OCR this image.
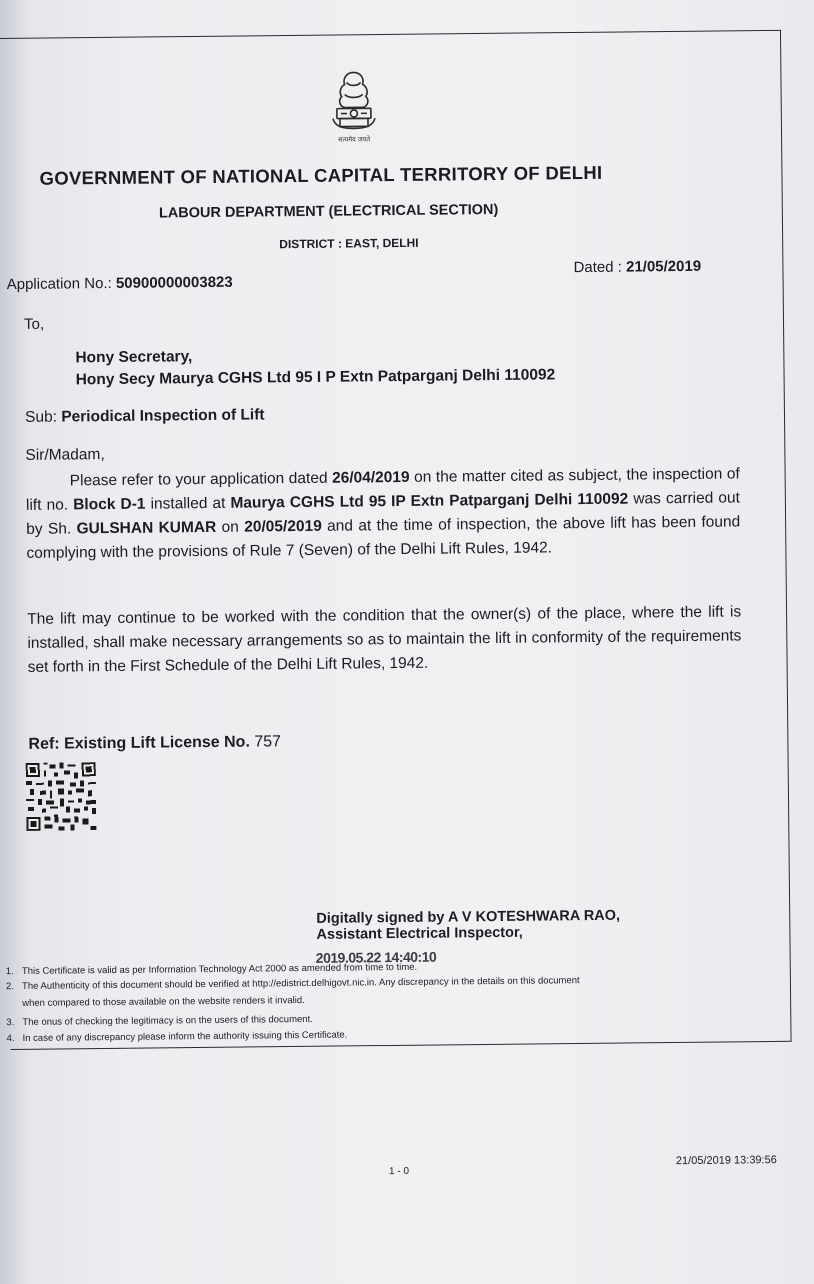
सत्यमेव जयते
GOVERNMENT OF NATIONAL CAPITAL TERRITORY OF DELHI
LABOUR DEPARTMENT (ELECTRICAL SECTION)
DISTRICT : EAST, DELHI
Application No.: 50900000003823
Dated : 21/05/2019
To,
Hony Secretary,
Hony Secy Maurya CGHS Ltd 95 I P Extn Patparganj Delhi 110092
Sub: Periodical Inspection of Lift
Sir/Madam,
Please refer to your application dated 26/04/2019 on the matter cited as subject, the inspection of lift no. Block D-1 installed at Maurya CGHS Ltd 95 IP Extn Patparganj Delhi 110092 was carried out by Sh. GULSHAN KUMAR on 20/05/2019 and at the time of inspection, the above lift has been found complying with the provisions of Rule 7 (Seven) of the Delhi Lift Rules, 1942.
The lift may continue to be worked with the condition that the owner(s) of the place, where the lift is installed, shall make necessary arrangements so as to maintain the lift in conformity of the requirements set forth in the First Schedule of the Delhi Lift Rules, 1942.
Ref: Existing Lift License No. 757
Digitally signed by A V KOTESHWARA RAO,
Assistant Electrical Inspector,
1. This Certificate is valid as per Information Technology Act 2000 as amended from time to time.
2019.05.22 14:40:10
2. The Authenticity of this document should be verified at http://edistrict.delhigovt.nic.in. Any discrepancy in the details on this document
when compared to those available on the website renders it invalid.
3. The onus of checking the legitimacy is on the users of this document.
4. In case of any discrepancy please inform the authority issuing this Certificate.
1 - 0
21/05/2019 13:39:56
